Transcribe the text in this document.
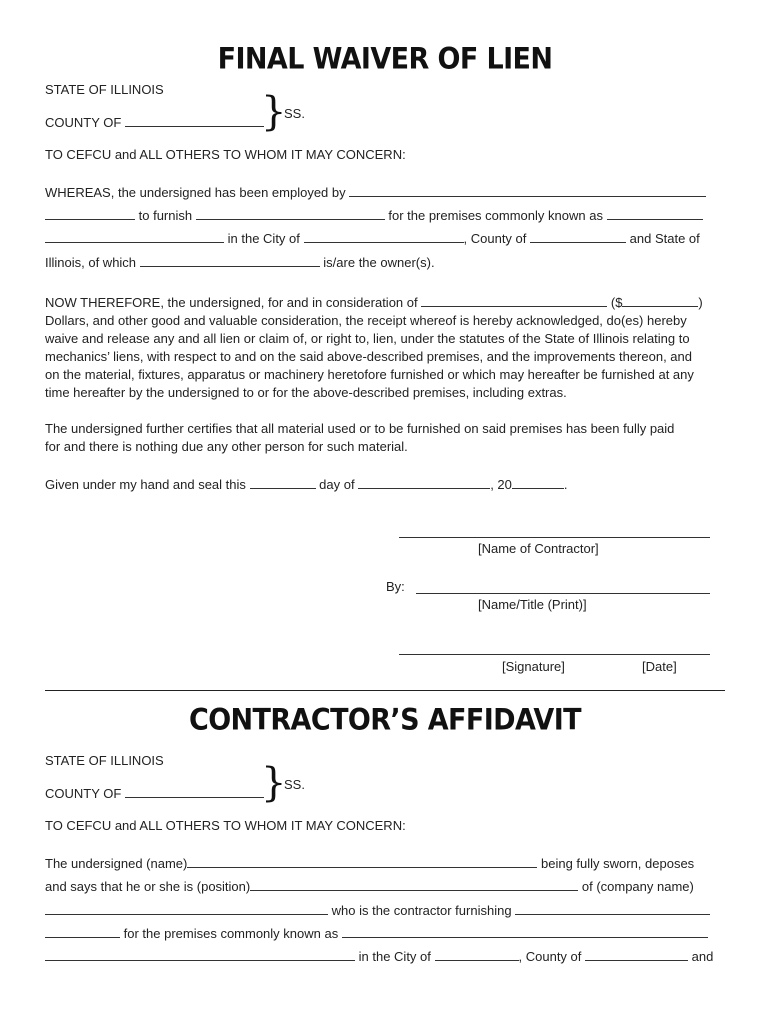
FINAL WAIVER OF LIEN
STATE OF ILLINOIS
COUNTY OF	}
SS.
TO CEFCU and ALL OTHERS TO WHOM IT MAY CONCERN:
WHEREAS, the undersigned has been employed by
to furnish	for the premises commonly known as
in the City of	, County of	and State of
Illinois, of which	is/are the owner(s).
NOW THEREFORE, the undersigned, for and in consideration of	($	)
Dollars, and other good and valuable consideration, the receipt whereof is hereby acknowledged, do(es) hereby
waive and release any and all lien or claim of, or right to, lien, under the statutes of the State of Illinois relating to
mechanics’ liens, with respect to and on the said above-described premises, and the improvements thereon, and
on the material, fixtures, apparatus or machinery heretofore furnished or which may hereafter be furnished at any
time hereafter by the undersigned to or for the above-described premises, including extras.
The undersigned further certifies that all material used or to be furnished on said premises has been fully paid
for and there is nothing due any other person for such material.
Given under my hand and seal this	day of	, 20	.
[Name of Contractor]
By:
[Name/Title (Print)]
[Signature]	[Date]
CONTRACTOR’S AFFIDAVIT
STATE OF ILLINOIS
COUNTY OF	}
SS.
TO CEFCU and ALL OTHERS TO WHOM IT MAY CONCERN:
The undersigned (name)	being fully sworn, deposes
and says that he or she is (position)	of (company name)
who is the contractor furnishing
for the premises commonly known as
in the City of	, County of	and
